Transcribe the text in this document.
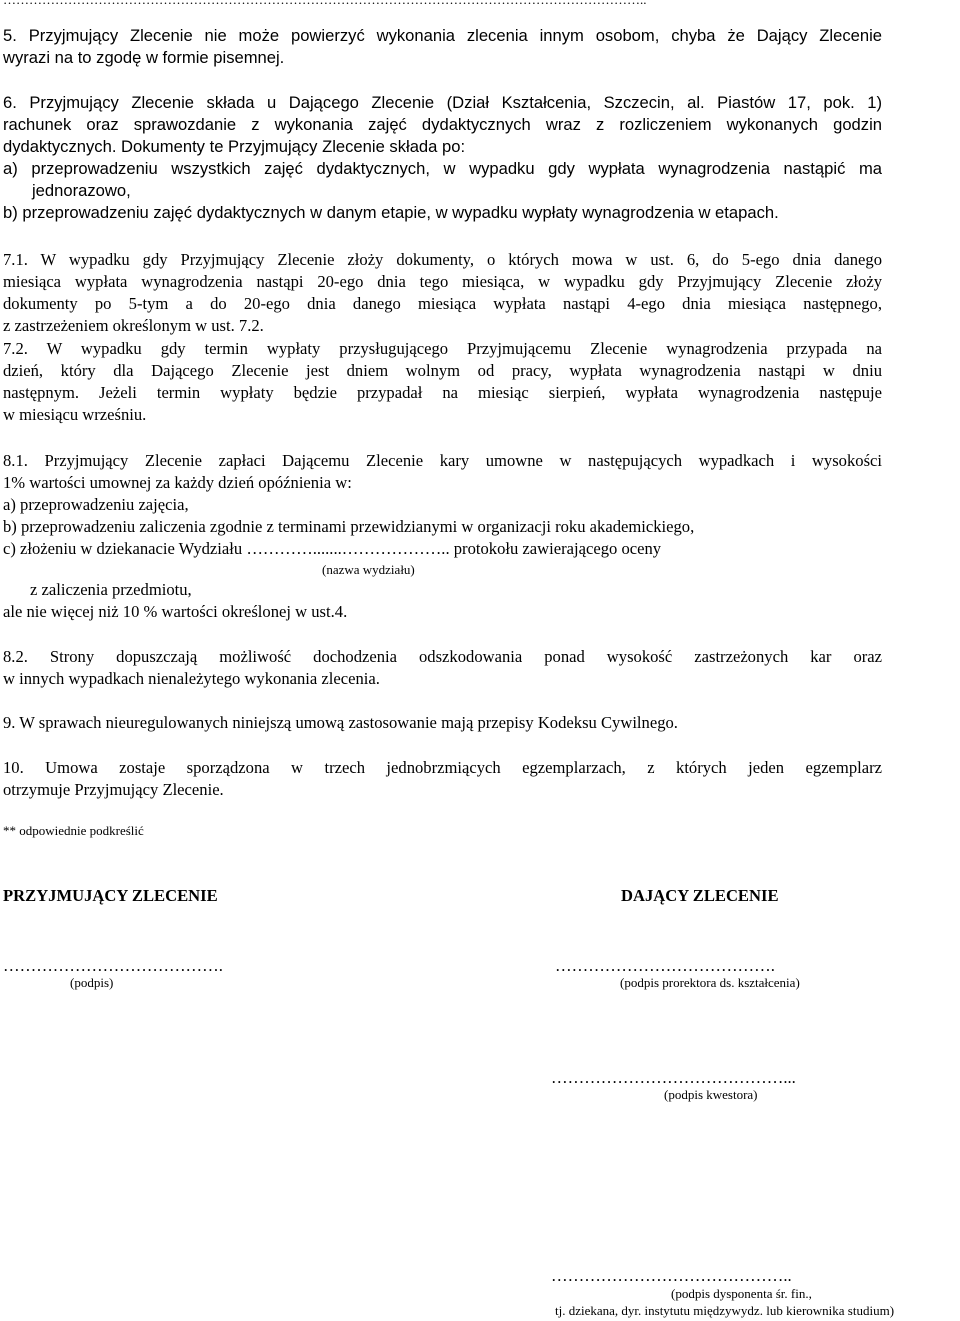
5. Przyjmujący Zlecenie nie może powierzyć wykonania zlecenia innym osobom, chyba że Dający Zlecenie
wyrazi na to zgodę w formie pisemnej.
6. Przyjmujący Zlecenie składa u Dającego Zlecenie (Dział Kształcenia, Szczecin, al. Piastów 17, pok. 1)
rachunek oraz sprawozdanie z wykonania zajęć dydaktycznych wraz z rozliczeniem wykonanych godzin
dydaktycznych. Dokumenty te Przyjmujący Zlecenie składa po:
a) przeprowadzeniu wszystkich zajęć dydaktycznych, w wypadku gdy wypłata wynagrodzenia nastąpić ma
jednorazowo,
b) przeprowadzeniu zajęć dydaktycznych w danym etapie, w wypadku wypłaty wynagrodzenia w etapach.
7.1. W wypadku gdy Przyjmujący Zlecenie złoży dokumenty, o których mowa w ust. 6, do 5-ego dnia danego
miesiąca wypłata wynagrodzenia nastąpi 20-ego dnia tego miesiąca, w wypadku gdy Przyjmujący Zlecenie złoży
dokumenty po 5-tym a do 20-ego dnia danego miesiąca wypłata nastąpi 4-ego dnia miesiąca następnego,
z zastrzeżeniem określonym w ust. 7.2.
7.2. W wypadku gdy termin wypłaty przysługującego Przyjmującemu Zlecenie wynagrodzenia przypada na
dzień, który dla Dającego Zlecenie jest dniem wolnym od pracy, wypłata wynagrodzenia nastąpi w dniu
następnym. Jeżeli termin wypłaty będzie przypadał na miesiąc sierpień, wypłata wynagrodzenia następuje
w miesiącu wrześniu.
8.1. Przyjmujący Zlecenie zapłaci Dającemu Zlecenie kary umowne w następujących wypadkach i wysokości
1% wartości umownej za każdy dzień opóźnienia w:
a) przeprowadzeniu zajęcia,
b) przeprowadzeniu zaliczenia zgodnie z terminami przewidzianymi w organizacji roku akademickiego,
c) złożeniu w dziekanacie Wydziału ………….......……………….. protokołu zawierającego oceny
(nazwa wydziału)
z zaliczenia przedmiotu,
ale nie więcej niż 10 % wartości określonej w ust.4.
8.2. Strony dopuszczają możliwość dochodzenia odszkodowania ponad wysokość zastrzeżonych kar oraz
w innych wypadkach nienależytego wykonania zlecenia.
9. W sprawach nieuregulowanych niniejszą umową zastosowanie mają przepisy Kodeksu Cywilnego.
10. Umowa zostaje sporządzona w trzech jednobrzmiących egzemplarzach, z których jeden egzemplarz
otrzymuje Przyjmujący Zlecenie.
** odpowiednie podkreślić
PRZYJMUJĄCY ZLECENIE	DAJĄCY ZLECENIE
………………………………….
(podpis)
………………………………….
(podpis prorektora ds. kształcenia)
……………………………………...
(podpis kwestora)
……………………………………..
(podpis dysponenta śr. fin.,
tj. dziekana, dyr. instytutu międzywydz. lub kierownika studium)
